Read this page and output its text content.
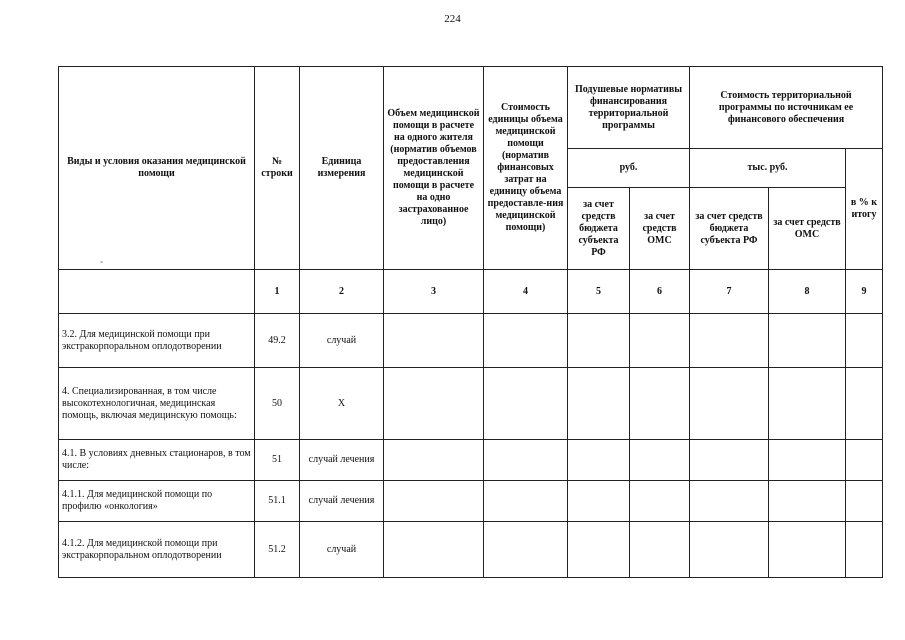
224
Виды и условия оказания медицинской помощи	№ строки	Единица измерения	Объем медицинской помощи в расчете на одного жителя (норматив объемов предоставления медицинской помощи в расчете на одно застрахованное лицо)	Стоимость единицы объема медицинской помощи (норматив финансовых затрат на единицу объема предоставле-ния медицинской помощи)	Подушевые нормативы финансирования территориальной программы		Стоимость территориальной программы по источникам ее финансового обеспечения		
					руб.		тыс. руб.		в % к итогу
					за счет средств бюджета субъекта РФ	за счет средств ОМС	за счет средств бюджета субъекта РФ	за счет средств ОМС	
	1	2	3	4	5	6	7	8	9
3.2. Для медицинской помощи при экстракорпоральном оплодотворении	49.2	случай							
4. Специализированная, в том числе высокотехнологичная, медицинская помощь, включая медицинскую помощь:	50	Х							
4.1. В условиях дневных стационаров, в том числе:	51	случай лечения							
4.1.1. Для медицинской помощи по профилю «онкология»	51.1	случай лечения							
4.1.2. Для медицинской помощи при экстракорпоральном оплодотворении	51.2	случай							
˷
